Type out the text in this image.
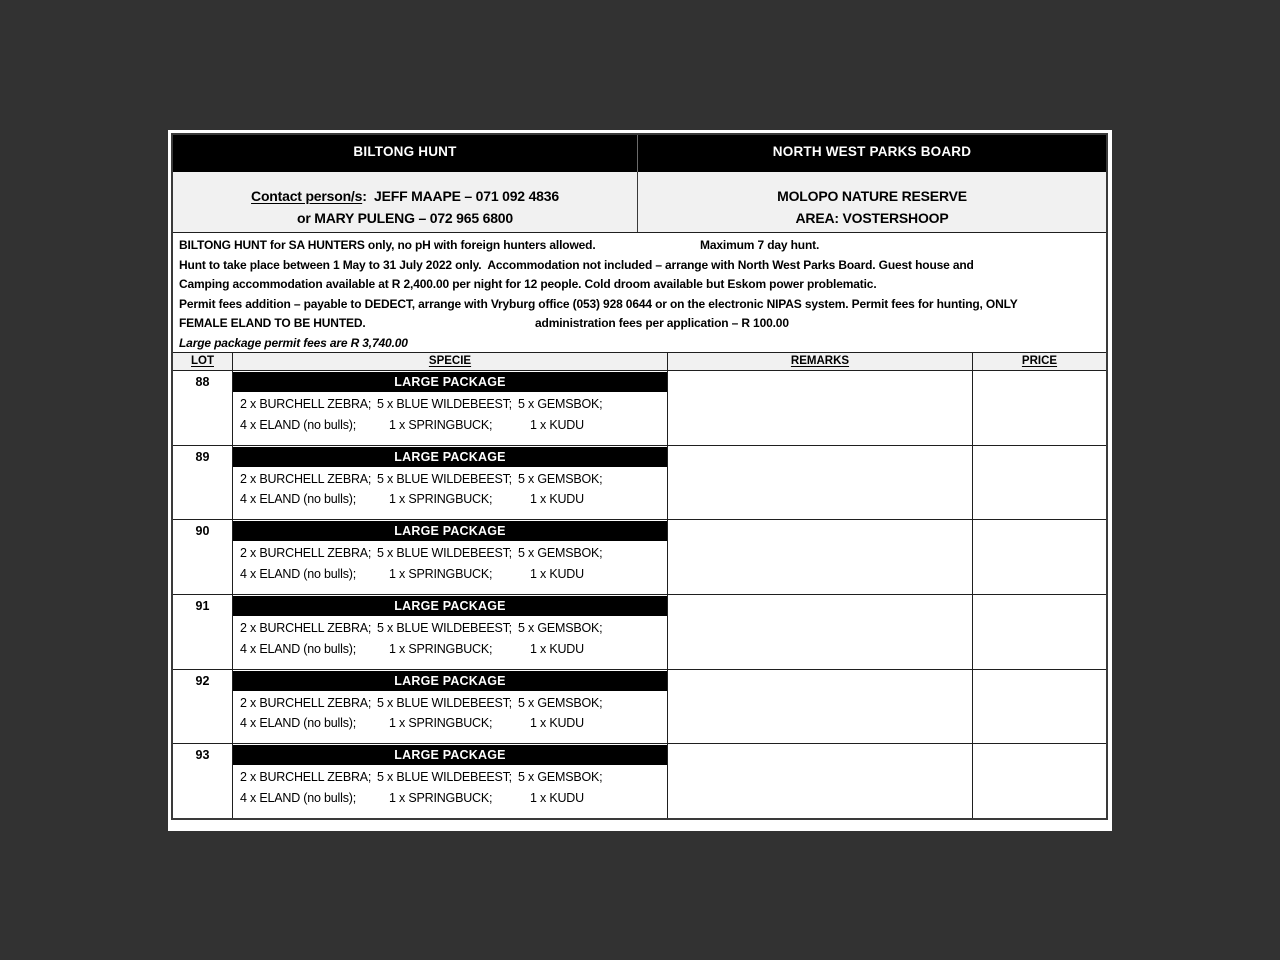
BILTONG HUNT	NORTH WEST PARKS BOARD
Contact person/s:  JEFF MAAPE – 071 092 4836
or MARY PULENG – 072 965 6800
MOLOPO NATURE RESERVE
AREA: VOSTERSHOOP
BILTONG HUNT for SA HUNTERS only, no pH with foreign hunters allowed.	Maximum 7 day hunt.
Hunt to take place between 1 May to 31 July 2022 only.  Accommodation not included – arrange with North West Parks Board. Guest house and
Camping accommodation available at R 2,400.00 per night for 12 people. Cold droom available but Eskom power problematic.
Permit fees addition – payable to DEDECT, arrange with Vryburg office (053) 928 0644 or on the electronic NIPAS system. Permit fees for hunting, ONLY
FEMALE ELAND TO BE HUNTED.	administration fees per application – R 100.00
Large package permit fees are R 3,740.00
LOT	SPECIE	REMARKS	PRICE
88	LARGE PACKAGE
2 x BURCHELL ZEBRA; 5 x BLUE WILDEBEEST; 5 x GEMSBOK;
4 x ELAND (no bulls);	1 x SPRINGBUCK;	1 x KUDU
89	LARGE PACKAGE
2 x BURCHELL ZEBRA; 5 x BLUE WILDEBEEST; 5 x GEMSBOK;
4 x ELAND (no bulls);	1 x SPRINGBUCK;	1 x KUDU
90	LARGE PACKAGE
2 x BURCHELL ZEBRA; 5 x BLUE WILDEBEEST; 5 x GEMSBOK;
4 x ELAND (no bulls);	1 x SPRINGBUCK;	1 x KUDU
91	LARGE PACKAGE
2 x BURCHELL ZEBRA; 5 x BLUE WILDEBEEST; 5 x GEMSBOK;
4 x ELAND (no bulls);	1 x SPRINGBUCK;	1 x KUDU
92	LARGE PACKAGE
2 x BURCHELL ZEBRA; 5 x BLUE WILDEBEEST; 5 x GEMSBOK;
4 x ELAND (no bulls);	1 x SPRINGBUCK;	1 x KUDU
93	LARGE PACKAGE
2 x BURCHELL ZEBRA; 5 x BLUE WILDEBEEST; 5 x GEMSBOK;
4 x ELAND (no bulls);	1 x SPRINGBUCK;	1 x KUDU
